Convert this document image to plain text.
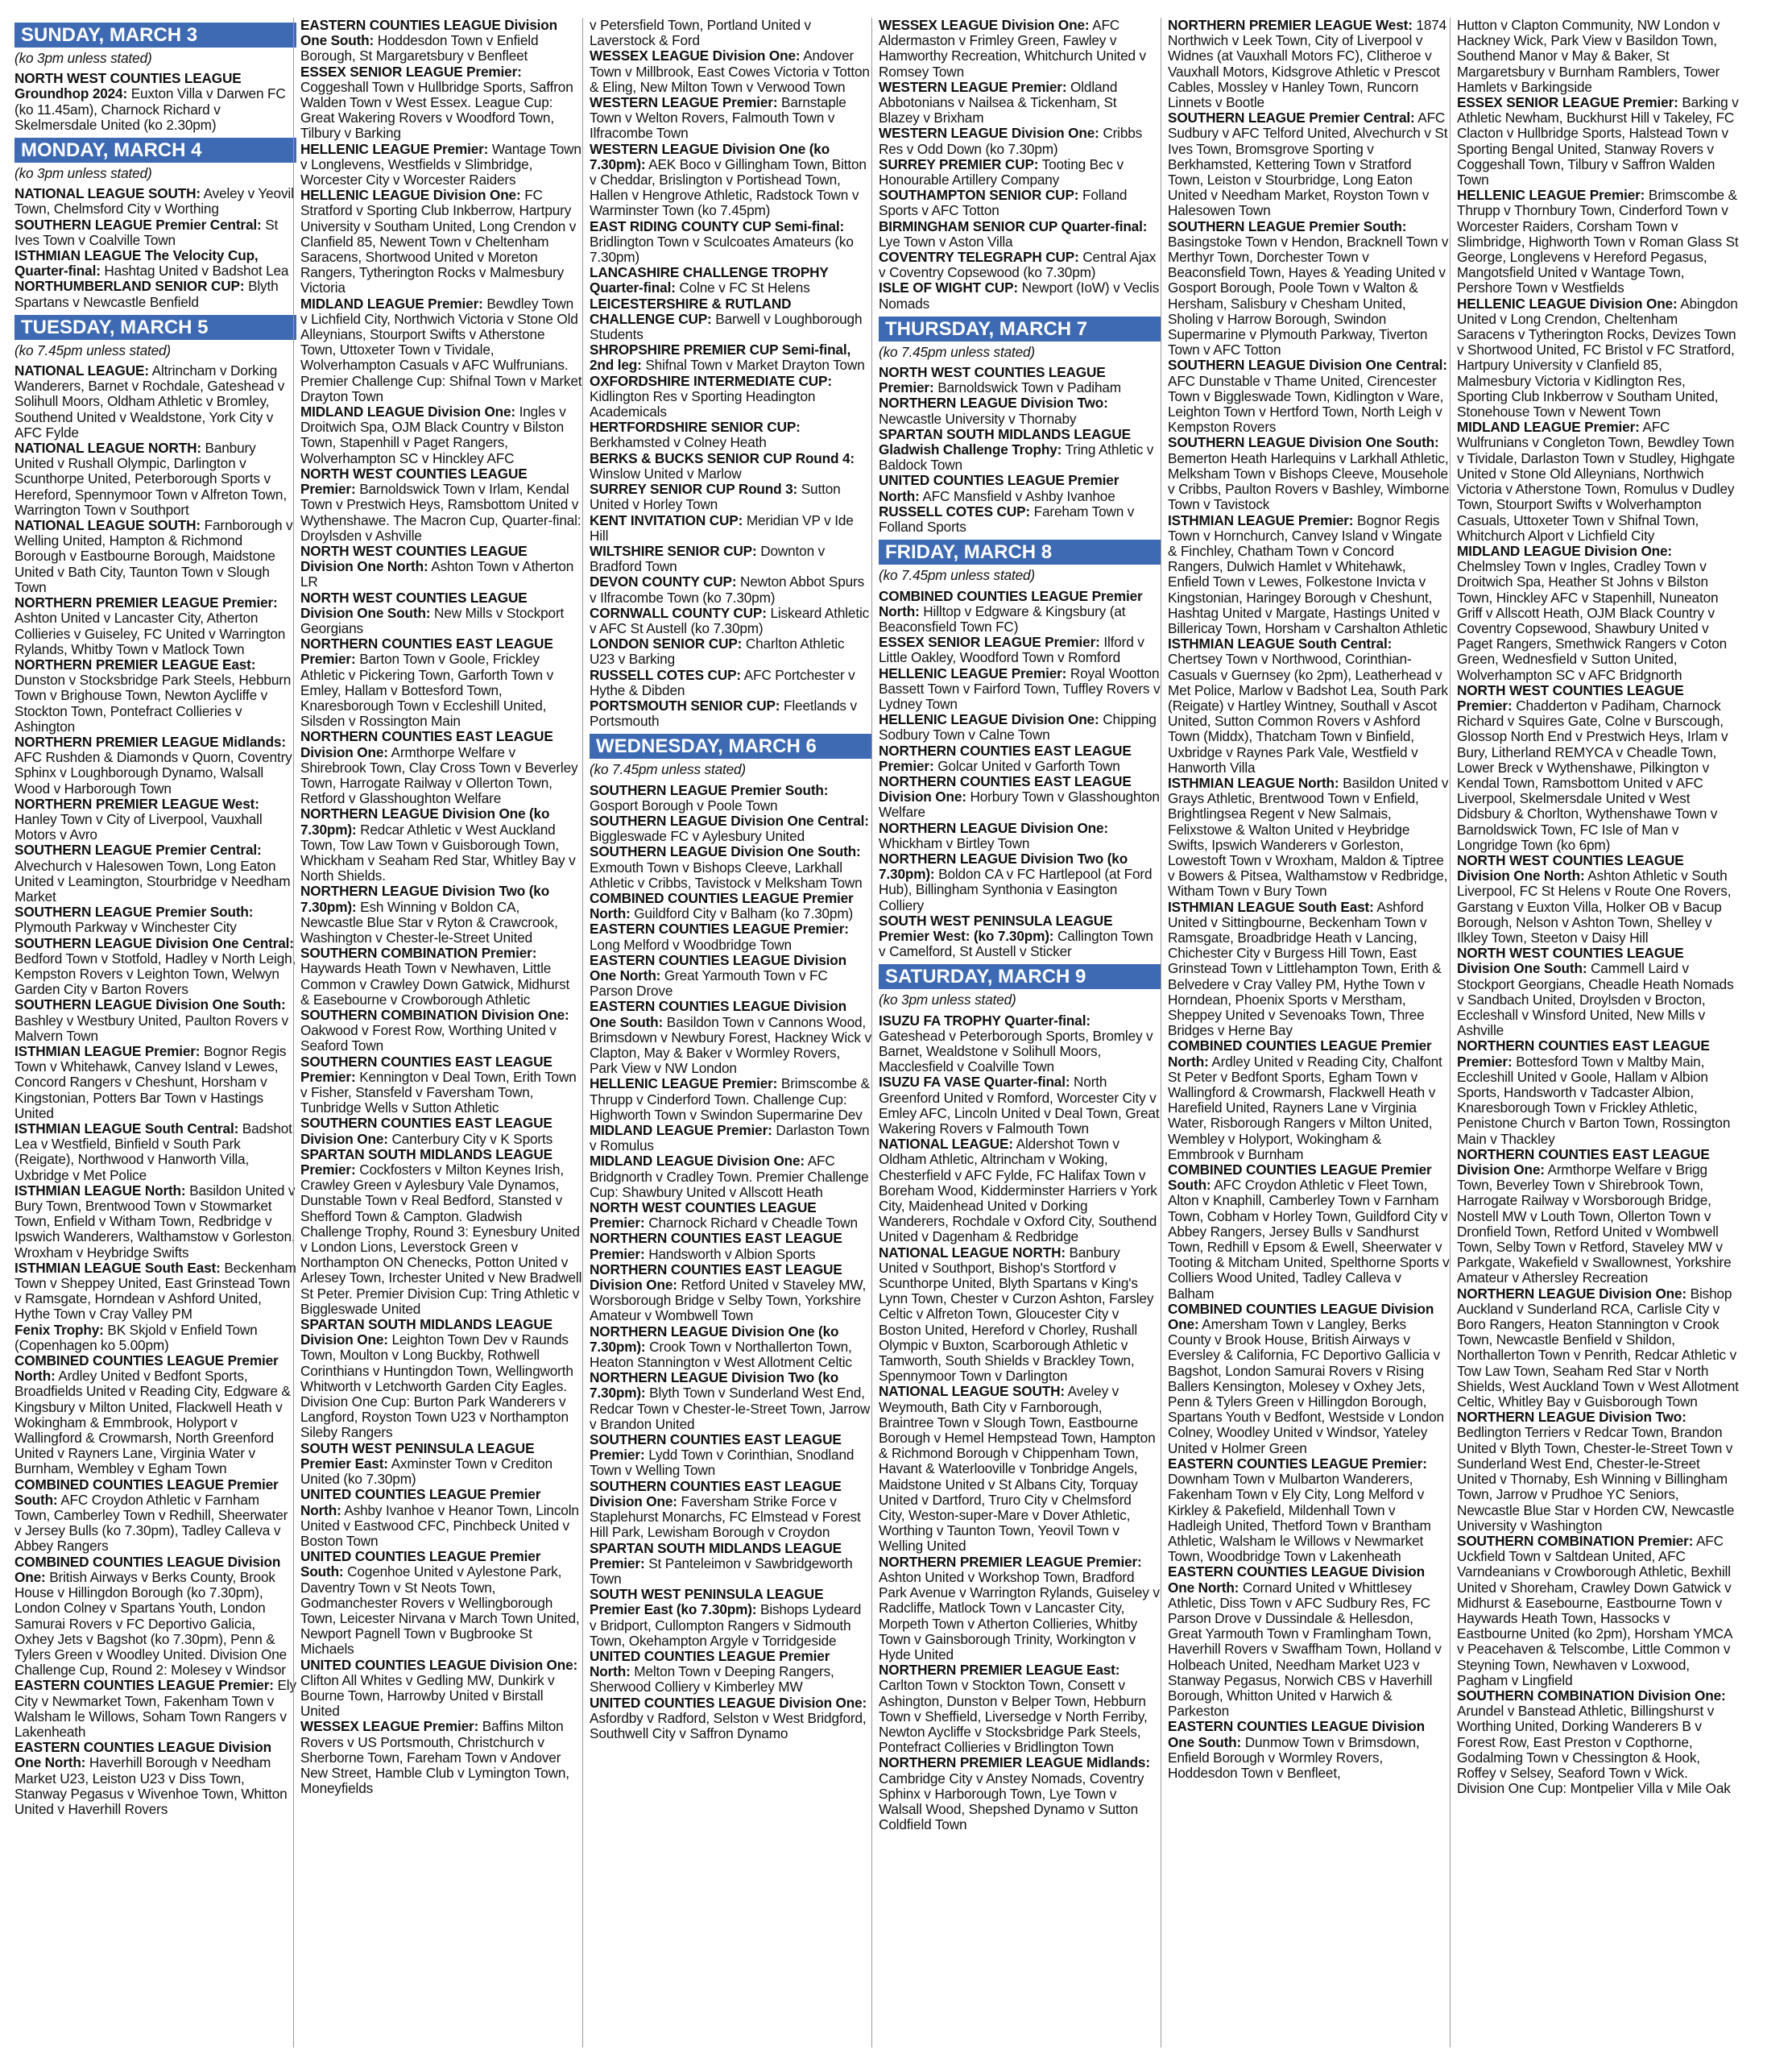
SUNDAY, MARCH 3
(ko 3pm unless stated)
NORTH WEST COUNTIES LEAGUE Groundhop 2024: Euxton Villa v Darwen FC (ko 11.45am), Charnock Richard v Skelmersdale United (ko 2.30pm)
MONDAY, MARCH 4
(ko 3pm unless stated)
NATIONAL LEAGUE SOUTH: Aveley v Yeovil Town, Chelmsford City v Worthing
SOUTHERN LEAGUE Premier Central: St Ives Town v Coalville Town
ISTHMIAN LEAGUE The Velocity Cup, Quarter-final: Hashtag United v Badshot Lea
NORTHUMBERLAND SENIOR CUP: Blyth Spartans v Newcastle Benfield
TUESDAY, MARCH 5
(ko 7.45pm unless stated)
NATIONAL LEAGUE: Altrincham v Dorking Wanderers, Barnet v Rochdale, Gateshead v Solihull Moors, Oldham Athletic v Bromley, Southend United v Wealdstone, York City v AFC Fylde
NATIONAL LEAGUE NORTH: Banbury United v Rushall Olympic, Darlington v Scunthorpe United, Peterborough Sports v Hereford, Spennymoor Town v Alfreton Town, Warrington Town v Southport
NATIONAL LEAGUE SOUTH: Farnborough v Welling United, Hampton & Richmond Borough v Eastbourne Borough, Maidstone United v Bath City, Taunton Town v Slough Town
NORTHERN PREMIER LEAGUE Premier: Ashton United v Lancaster City, Atherton Collieries v Guiseley, FC United v Warrington Rylands, Whitby Town v Matlock Town
NORTHERN PREMIER LEAGUE East: Dunston v Stocksbridge Park Steels, Hebburn Town v Brighouse Town, Newton Aycliffe v Stockton Town, Pontefract Collieries v Ashington
NORTHERN PREMIER LEAGUE Midlands: AFC Rushden & Diamonds v Quorn, Coventry Sphinx v Loughborough Dynamo, Walsall Wood v Harborough Town
NORTHERN PREMIER LEAGUE West: Hanley Town v City of Liverpool, Vauxhall Motors v Avro
SOUTHERN LEAGUE Premier Central: Alvechurch v Halesowen Town, Long Eaton United v Leamington, Stourbridge v Needham Market
SOUTHERN LEAGUE Premier South: Plymouth Parkway v Winchester City
SOUTHERN LEAGUE Division One Central: Bedford Town v Stotfold, Hadley v North Leigh, Kempston Rovers v Leighton Town, Welwyn Garden City v Barton Rovers
SOUTHERN LEAGUE Division One South: Bashley v Westbury United, Paulton Rovers v Malvern Town
ISTHMIAN LEAGUE Premier: Bognor Regis Town v Whitehawk, Canvey Island v Lewes, Concord Rangers v Cheshunt, Horsham v Kingstonian, Potters Bar Town v Hastings United
ISTHMIAN LEAGUE South Central: Badshot Lea v Westfield, Binfield v South Park (Reigate), Northwood v Hanworth Villa, Uxbridge v Met Police
ISTHMIAN LEAGUE North: Basildon United v Bury Town, Brentwood Town v Stowmarket Town, Enfield v Witham Town, Redbridge v Ipswich Wanderers, Walthamstow v Gorleston, Wroxham v Heybridge Swifts
ISTHMIAN LEAGUE South East: Beckenham Town v Sheppey United, East Grinstead Town v Ramsgate, Horndean v Ashford United, Hythe Town v Cray Valley PM
Fenix Trophy: BK Skjold v Enfield Town (Copenhagen ko 5.00pm)
COMBINED COUNTIES LEAGUE Premier North: Ardley United v Bedfont Sports, Broadfields United v Reading City, Edgware & Kingsbury v Milton United, Flackwell Heath v Wokingham & Emmbrook, Holyport v Wallingford & Crowmarsh, North Greenford United v Rayners Lane, Virginia Water v Burnham, Wembley v Egham Town
COMBINED COUNTIES LEAGUE Premier South: AFC Croydon Athletic v Farnham Town, Camberley Town v Redhill, Sheerwater v Jersey Bulls (ko 7.30pm), Tadley Calleva v Abbey Rangers
COMBINED COUNTIES LEAGUE Division One: British Airways v Berks County, Brook House v Hillingdon Borough (ko 7.30pm), London Colney v Spartans Youth, London Samurai Rovers v FC Deportivo Galicia, Oxhey Jets v Bagshot (ko 7.30pm), Penn & Tylers Green v Woodley United. Division One Challenge Cup, Round 2: Molesey v Windsor
EASTERN COUNTIES LEAGUE Premier: Ely City v Newmarket Town, Fakenham Town v Walsham le Willows, Soham Town Rangers v Lakenheath
EASTERN COUNTIES LEAGUE Division One North: Haverhill Borough v Needham Market U23, Leiston U23 v Diss Town, Stanway Pegasus v Wivenhoe Town, Whitton United v Haverhill Rovers
EASTERN COUNTIES LEAGUE Division One South: Hoddesdon Town v Enfield Borough, St Margaretsbury v Benfleet
ESSEX SENIOR LEAGUE Premier: Coggeshall Town v Hullbridge Sports, Saffron Walden Town v West Essex. League Cup: Great Wakering Rovers v Woodford Town, Tilbury v Barking
HELLENIC LEAGUE Premier: Wantage Town v Longlevens, Westfields v Slimbridge, Worcester City v Worcester Raiders
HELLENIC LEAGUE Division One: FC Stratford v Sporting Club Inkberrow, Hartpury University v Southam United, Long Crendon v Clanfield 85, Newent Town v Cheltenham Saracens, Shortwood United v Moreton Rangers, Tytherington Rocks v Malmesbury Victoria
MIDLAND LEAGUE Premier: Bewdley Town v Lichfield City, Northwich Victoria v Stone Old Alleynians, Stourport Swifts v Atherstone Town, Uttoxeter Town v Tividale, Wolverhampton Casuals v AFC Wulfrunians. Premier Challenge Cup: Shifnal Town v Market Drayton Town
MIDLAND LEAGUE Division One: Ingles v Droitwich Spa, OJM Black Country v Bilston Town, Stapenhill v Paget Rangers, Wolverhampton SC v Hinckley AFC
NORTH WEST COUNTIES LEAGUE Premier: Barnoldswick Town v Irlam, Kendal Town v Prestwich Heys, Ramsbottom United v Wythenshawe. The Macron Cup, Quarter-final: Droylsden v Ashville
NORTH WEST COUNTIES LEAGUE Division One North: Ashton Town v Atherton LR
NORTH WEST COUNTIES LEAGUE Division One South: New Mills v Stockport Georgians
NORTHERN COUNTIES EAST LEAGUE Premier: Barton Town v Goole, Frickley Athletic v Pickering Town, Garforth Town v Emley, Hallam v Bottesford Town, Knaresborough Town v Eccleshill United, Silsden v Rossington Main
NORTHERN COUNTIES EAST LEAGUE Division One: Armthorpe Welfare v Shirebrook Town, Clay Cross Town v Beverley Town, Harrogate Railway v Ollerton Town, Retford v Glasshoughton Welfare
NORTHERN LEAGUE Division One (ko 7.30pm): Redcar Athletic v West Auckland Town, Tow Law Town v Guisborough Town, Whickham v Seaham Red Star, Whitley Bay v North Shields.
NORTHERN LEAGUE Division Two (ko 7.30pm): Esh Winning v Boldon CA, Newcastle Blue Star v Ryton & Crawcrook, Washington v Chester-le-Street United
SOUTHERN COMBINATION Premier: Haywards Heath Town v Newhaven, Little Common v Crawley Down Gatwick, Midhurst & Easebourne v Crowborough Athletic
SOUTHERN COMBINATION Division One: Oakwood v Forest Row, Worthing United v Seaford Town
SOUTHERN COUNTIES EAST LEAGUE Premier: Kennington v Deal Town, Erith Town v Fisher, Stansfeld v Faversham Town, Tunbridge Wells v Sutton Athletic
SOUTHERN COUNTIES EAST LEAGUE Division One: Canterbury City v K Sports
SPARTAN SOUTH MIDLANDS LEAGUE Premier: Cockfosters v Milton Keynes Irish, Crawley Green v Aylesbury Vale Dynamos, Dunstable Town v Real Bedford, Stansted v Shefford Town & Campton. Gladwish Challenge Trophy, Round 3: Eynesbury United v London Lions, Leverstock Green v Northampton ON Chenecks, Potton United v Arlesey Town, Irchester United v New Bradwell St Peter. Premier Division Cup: Tring Athletic v Biggleswade United
SPARTAN SOUTH MIDLANDS LEAGUE Division One: Leighton Town Dev v Raunds Town, Moulton v Long Buckby, Rothwell Corinthians v Huntingdon Town, Wellingworth Whitworth v Letchworth Garden City Eagles. Division One Cup: Burton Park Wanderers v Langford, Royston Town U23 v Northampton Sileby Rangers
SOUTH WEST PENINSULA LEAGUE Premier East: Axminster Town v Crediton United (ko 7.30pm)
UNITED COUNTIES LEAGUE Premier North: Ashby Ivanhoe v Heanor Town, Lincoln United v Eastwood CFC, Pinchbeck United v Boston Town
UNITED COUNTIES LEAGUE Premier South: Cogenhoe United v Aylestone Park, Daventry Town v St Neots Town, Godmanchester Rovers v Wellingborough Town, Leicester Nirvana v March Town United, Newport Pagnell Town v Bugbrooke St Michaels
UNITED COUNTIES LEAGUE Division One: Clifton All Whites v Gedling MW, Dunkirk v Bourne Town, Harrowby United v Birstall United
WESSEX LEAGUE Premier: Baffins Milton Rovers v US Portsmouth, Christchurch v Sherborne Town, Fareham Town v Andover New Street, Hamble Club v Lymington Town, Moneyfields
v Petersfield Town, Portland United v Laverstock & Ford
WESSEX LEAGUE Division One: Andover Town v Millbrook, East Cowes Victoria v Totton & Eling, New Milton Town v Verwood Town
WESTERN LEAGUE Premier: Barnstaple Town v Welton Rovers, Falmouth Town v Ilfracombe Town
WESTERN LEAGUE Division One (ko 7.30pm): AEK Boco v Gillingham Town, Bitton v Cheddar, Brislington v Portishead Town, Hallen v Hengrove Athletic, Radstock Town v Warminster Town (ko 7.45pm)
EAST RIDING COUNTY CUP Semi-final: Bridlington Town v Sculcoates Amateurs (ko 7.30pm)
LANCASHIRE CHALLENGE TROPHY Quarter-final: Colne v FC St Helens
LEICESTERSHIRE & RUTLAND CHALLENGE CUP: Barwell v Loughborough Students
SHROPSHIRE PREMIER CUP Semi-final, 2nd leg: Shifnal Town v Market Drayton Town
OXFORDSHIRE INTERMEDIATE CUP: Kidlington Res v Sporting Headington Academicals
HERTFORDSHIRE SENIOR CUP: Berkhamsted v Colney Heath
BERKS & BUCKS SENIOR CUP Round 4: Winslow United v Marlow
SURREY SENIOR CUP Round 3: Sutton United v Horley Town
KENT INVITATION CUP: Meridian VP v Ide Hill
WILTSHIRE SENIOR CUP: Downton v Bradford Town
DEVON COUNTY CUP: Newton Abbot Spurs v Ilfracombe Town (ko 7.30pm)
CORNWALL COUNTY CUP: Liskeard Athletic v AFC St Austell (ko 7.30pm)
LONDON SENIOR CUP: Charlton Athletic U23 v Barking
RUSSELL COTES CUP: AFC Portchester v Hythe & Dibden
PORTSMOUTH SENIOR CUP: Fleetlands v Portsmouth
WEDNESDAY, MARCH 6
(ko 7.45pm unless stated)
SOUTHERN LEAGUE Premier South: Gosport Borough v Poole Town
SOUTHERN LEAGUE Division One Central: Biggleswade FC v Aylesbury United
SOUTHERN LEAGUE Division One South: Exmouth Town v Bishops Cleeve, Larkhall Athletic v Cribbs, Tavistock v Melksham Town
COMBINED COUNTIES LEAGUE Premier North: Guildford City v Balham (ko 7.30pm)
EASTERN COUNTIES LEAGUE Premier: Long Melford v Woodbridge Town
EASTERN COUNTIES LEAGUE Division One North: Great Yarmouth Town v FC Parson Drove
EASTERN COUNTIES LEAGUE Division One South: Basildon Town v Cannons Wood, Brimsdown v Newbury Forest, Hackney Wick v Clapton, May & Baker v Wormley Rovers, Park View v NW London
HELLENIC LEAGUE Premier: Brimscombe & Thrupp v Cinderford Town. Challenge Cup: Highworth Town v Swindon Supermarine Dev
MIDLAND LEAGUE Premier: Darlaston Town v Romulus
MIDLAND LEAGUE Division One: AFC Bridgnorth v Cradley Town. Premier Challenge Cup: Shawbury United v Allscott Heath
NORTH WEST COUNTIES LEAGUE Premier: Charnock Richard v Cheadle Town
NORTHERN COUNTIES EAST LEAGUE Premier: Handsworth v Albion Sports
NORTHERN COUNTIES EAST LEAGUE Division One: Retford United v Staveley MW, Worsborough Bridge v Selby Town, Yorkshire Amateur v Wombwell Town
NORTHERN LEAGUE Division One (ko 7.30pm): Crook Town v Northallerton Town, Heaton Stannington v West Allotment Celtic
NORTHERN LEAGUE Division Two (ko 7.30pm): Blyth Town v Sunderland West End, Redcar Town v Chester-le-Street Town, Jarrow v Brandon United
SOUTHERN COUNTIES EAST LEAGUE Premier: Lydd Town v Corinthian, Snodland Town v Welling Town
SOUTHERN COUNTIES EAST LEAGUE Division One: Faversham Strike Force v Staplehurst Monarchs, FC Elmstead v Forest Hill Park, Lewisham Borough v Croydon
SPARTAN SOUTH MIDLANDS LEAGUE Premier: St Panteleimon v Sawbridgeworth Town
SOUTH WEST PENINSULA LEAGUE Premier East (ko 7.30pm): Bishops Lydeard v Bridport, Cullompton Rangers v Sidmouth Town, Okehampton Argyle v Torridgeside
UNITED COUNTIES LEAGUE Premier North: Melton Town v Deeping Rangers, Sherwood Colliery v Kimberley MW
UNITED COUNTIES LEAGUE Division One: Asfordby v Radford, Selston v West Bridgford, Southwell City v Saffron Dynamo
WESSEX LEAGUE Division One: AFC Aldermaston v Frimley Green, Fawley v Hamworthy Recreation, Whitchurch United v Romsey Town
WESTERN LEAGUE Premier: Oldland Abbotonians v Nailsea & Tickenham, St Blazey v Brixham
WESTERN LEAGUE Division One: Cribbs Res v Odd Down (ko 7.30pm)
SURREY PREMIER CUP: Tooting Bec v Honourable Artillery Company
SOUTHAMPTON SENIOR CUP: Folland Sports v AFC Totton
BIRMINGHAM SENIOR CUP Quarter-final: Lye Town v Aston Villa
COVENTRY TELEGRAPH CUP: Central Ajax v Coventry Copsewood (ko 7.30pm)
ISLE OF WIGHT CUP: Newport (IoW) v Veclis Nomads
THURSDAY, MARCH 7
(ko 7.45pm unless stated)
NORTH WEST COUNTIES LEAGUE Premier: Barnoldswick Town v Padiham
NORTHERN LEAGUE Division Two: Newcastle University v Thornaby
SPARTAN SOUTH MIDLANDS LEAGUE Gladwish Challenge Trophy: Tring Athletic v Baldock Town
UNITED COUNTIES LEAGUE Premier North: AFC Mansfield v Ashby Ivanhoe
RUSSELL COTES CUP: Fareham Town v Folland Sports
FRIDAY, MARCH 8
(ko 7.45pm unless stated)
COMBINED COUNTIES LEAGUE Premier North: Hilltop v Edgware & Kingsbury (at Beaconsfield Town FC)
ESSEX SENIOR LEAGUE Premier: Ilford v Little Oakley, Woodford Town v Romford
HELLENIC LEAGUE Premier: Royal Wootton Bassett Town v Fairford Town, Tuffley Rovers v Lydney Town
HELLENIC LEAGUE Division One: Chipping Sodbury Town v Calne Town
NORTHERN COUNTIES EAST LEAGUE Premier: Golcar United v Garforth Town
NORTHERN COUNTIES EAST LEAGUE Division One: Horbury Town v Glasshoughton Welfare
NORTHERN LEAGUE Division One: Whickham v Birtley Town
NORTHERN LEAGUE Division Two (ko 7.30pm): Boldon CA v FC Hartlepool (at Ford Hub), Billingham Synthonia v Easington Colliery
SOUTH WEST PENINSULA LEAGUE Premier West: (ko 7.30pm): Callington Town v Camelford, St Austell v Sticker
SATURDAY, MARCH 9
(ko 3pm unless stated)
ISUZU FA TROPHY Quarter-final: Gateshead v Peterborough Sports, Bromley v Barnet, Wealdstone v Solihull Moors, Macclesfield v Coalville Town
ISUZU FA VASE Quarter-final: North Greenford United v Romford, Worcester City v Emley AFC, Lincoln United v Deal Town, Great Wakering Rovers v Falmouth Town
NATIONAL LEAGUE: Aldershot Town v Oldham Athletic, Altrincham v Woking, Chesterfield v AFC Fylde, FC Halifax Town v Boreham Wood, Kidderminster Harriers v York City, Maidenhead United v Dorking Wanderers, Rochdale v Oxford City, Southend United v Dagenham & Redbridge
NATIONAL LEAGUE NORTH: Banbury United v Southport, Bishop's Stortford v Scunthorpe United, Blyth Spartans v King's Lynn Town, Chester v Curzon Ashton, Farsley Celtic v Alfreton Town, Gloucester City v Boston United, Hereford v Chorley, Rushall Olympic v Buxton, Scarborough Athletic v Tamworth, South Shields v Brackley Town, Spennymoor Town v Darlington
NATIONAL LEAGUE SOUTH: Aveley v Weymouth, Bath City v Farnborough, Braintree Town v Slough Town, Eastbourne Borough v Hemel Hempstead Town, Hampton & Richmond Borough v Chippenham Town, Havant & Waterlooville v Tonbridge Angels, Maidstone United v St Albans City, Torquay United v Dartford, Truro City v Chelmsford City, Weston-super-Mare v Dover Athletic, Worthing v Taunton Town, Yeovil Town v Welling United
NORTHERN PREMIER LEAGUE Premier: Ashton United v Workshop Town, Bradford Park Avenue v Warrington Rylands, Guiseley v Radcliffe, Matlock Town v Lancaster City, Morpeth Town v Atherton Collieries, Whitby Town v Gainsborough Trinity, Workington v Hyde United
NORTHERN PREMIER LEAGUE East: Carlton Town v Stockton Town, Consett v Ashington, Dunston v Belper Town, Hebburn Town v Sheffield, Liversedge v North Ferriby, Newton Aycliffe v Stocksbridge Park Steels, Pontefract Collieries v Bridlington Town
NORTHERN PREMIER LEAGUE Midlands: Cambridge City v Anstey Nomads, Coventry Sphinx v Harborough Town, Lye Town v Walsall Wood, Shepshed Dynamo v Sutton Coldfield Town
NORTHERN PREMIER LEAGUE West: 1874 Northwich v Leek Town, City of Liverpool v Widnes (at Vauxhall Motors FC), Clitheroe v Vauxhall Motors, Kidsgrove Athletic v Prescot Cables, Mossley v Hanley Town, Runcorn Linnets v Bootle
SOUTHERN LEAGUE Premier Central: AFC Sudbury v AFC Telford United, Alvechurch v St Ives Town, Bromsgrove Sporting v Berkhamsted, Kettering Town v Stratford Town, Leiston v Stourbridge, Long Eaton United v Needham Market, Royston Town v Halesowen Town
SOUTHERN LEAGUE Premier South: Basingstoke Town v Hendon, Bracknell Town v Merthyr Town, Dorchester Town v Beaconsfield Town, Hayes & Yeading United v Gosport Borough, Poole Town v Walton & Hersham, Salisbury v Chesham United, Sholing v Harrow Borough, Swindon Supermarine v Plymouth Parkway, Tiverton Town v AFC Totton
SOUTHERN LEAGUE Division One Central: AFC Dunstable v Thame United, Cirencester Town v Biggleswade Town, Kidlington v Ware, Leighton Town v Hertford Town, North Leigh v Kempston Rovers
SOUTHERN LEAGUE Division One South: Bemerton Heath Harlequins v Larkhall Athletic, Melksham Town v Bishops Cleeve, Mousehole v Cribbs, Paulton Rovers v Bashley, Wimborne Town v Tavistock
ISTHMIAN LEAGUE Premier: Bognor Regis Town v Hornchurch, Canvey Island v Wingate & Finchley, Chatham Town v Concord Rangers, Dulwich Hamlet v Whitehawk, Enfield Town v Lewes, Folkestone Invicta v Kingstonian, Haringey Borough v Cheshunt, Hashtag United v Margate, Hastings United v Billericay Town, Horsham v Carshalton Athletic
ISTHMIAN LEAGUE South Central: Chertsey Town v Northwood, Corinthian-Casuals v Guernsey (ko 2pm), Leatherhead v Met Police, Marlow v Badshot Lea, South Park (Reigate) v Hartley Wintney, Southall v Ascot United, Sutton Common Rovers v Ashford Town (Middx), Thatcham Town v Binfield, Uxbridge v Raynes Park Vale, Westfield v Hanworth Villa
ISTHMIAN LEAGUE North: Basildon United v Grays Athletic, Brentwood Town v Enfield, Brightlingsea Regent v New Salmais, Felixstowe & Walton United v Heybridge Swifts, Ipswich Wanderers v Gorleston, Lowestoft Town v Wroxham, Maldon & Tiptree v Bowers & Pitsea, Walthamstow v Redbridge, Witham Town v Bury Town
ISTHMIAN LEAGUE South East: Ashford United v Sittingbourne, Beckenham Town v Ramsgate, Broadbridge Heath v Lancing, Chichester City v Burgess Hill Town, East Grinstead Town v Littlehampton Town, Erith & Belvedere v Cray Valley PM, Hythe Town v Horndean, Phoenix Sports v Merstham, Sheppey United v Sevenoaks Town, Three Bridges v Herne Bay
COMBINED COUNTIES LEAGUE Premier North: Ardley United v Reading City, Chalfont St Peter v Bedfont Sports, Egham Town v Wallingford & Crowmarsh, Flackwell Heath v Harefield United, Rayners Lane v Virginia Water, Risborough Rangers v Milton United, Wembley v Holyport, Wokingham & Emmbrook v Burnham
COMBINED COUNTIES LEAGUE Premier South: AFC Croydon Athletic v Fleet Town, Alton v Knaphill, Camberley Town v Farnham Town, Cobham v Horley Town, Guildford City v Abbey Rangers, Jersey Bulls v Sandhurst Town, Redhill v Epsom & Ewell, Sheerwater v Tooting & Mitcham United, Spelthorne Sports v Colliers Wood United, Tadley Calleva v Balham
COMBINED COUNTIES LEAGUE Division One: Amersham Town v Langley, Berks County v Brook House, British Airways v Eversley & California, FC Deportivo Gallicia v Bagshot, London Samurai Rovers v Rising Ballers Kensington, Molesey v Oxhey Jets, Penn & Tylers Green v Hillingdon Borough, Spartans Youth v Bedfont, Westside v London Colney, Woodley United v Windsor, Yateley United v Holmer Green
EASTERN COUNTIES LEAGUE Premier: Downham Town v Mulbarton Wanderers, Fakenham Town v Ely City, Long Melford v Kirkley & Pakefield, Mildenhall Town v Hadleigh United, Thetford Town v Brantham Athletic, Walsham le Willows v Newmarket Town, Woodbridge Town v Lakenheath
EASTERN COUNTIES LEAGUE Division One North: Cornard United v Whittlesey Athletic, Diss Town v AFC Sudbury Res, FC Parson Drove v Dussindale & Hellesdon, Great Yarmouth Town v Framlingham Town, Haverhill Rovers v Swaffham Town, Holland v Holbeach United, Needham Market U23 v Stanway Pegasus, Norwich CBS v Haverhill Borough, Whitton United v Harwich & Parkeston
EASTERN COUNTIES LEAGUE Division One South: Dunmow Town v Brimsdown, Enfield Borough v Wormley Rovers, Hoddesdon Town v Benfleet,
Hutton v Clapton Community, NW London v Hackney Wick, Park View v Basildon Town, Southend Manor v May & Baker, St Margaretsbury v Burnham Ramblers, Tower Hamlets v Barkingside
ESSEX SENIOR LEAGUE Premier: Barking v Athletic Newham, Buckhurst Hill v Takeley, FC Clacton v Hullbridge Sports, Halstead Town v Sporting Bengal United, Stanway Rovers v Coggeshall Town, Tilbury v Saffron Walden Town
HELLENIC LEAGUE Premier: Brimscombe & Thrupp v Thornbury Town, Cinderford Town v Worcester Raiders, Corsham Town v Slimbridge, Highworth Town v Roman Glass St George, Longlevens v Hereford Pegasus, Mangotsfield United v Wantage Town, Pershore Town v Westfields
HELLENIC LEAGUE Division One: Abingdon United v Long Crendon, Cheltenham Saracens v Tytherington Rocks, Devizes Town v Shortwood United, FC Bristol v FC Stratford, Hartpury University v Clanfield 85, Malmesbury Victoria v Kidlington Res, Sporting Club Inkberrow v Southam United, Stonehouse Town v Newent Town
MIDLAND LEAGUE Premier: AFC Wulfrunians v Congleton Town, Bewdley Town v Tividale, Darlaston Town v Studley, Highgate United v Stone Old Alleynians, Northwich Victoria v Atherstone Town, Romulus v Dudley Town, Stourport Swifts v Wolverhampton Casuals, Uttoxeter Town v Shifnal Town, Whitchurch Alport v Lichfield City
MIDLAND LEAGUE Division One: Chelmsley Town v Ingles, Cradley Town v Droitwich Spa, Heather St Johns v Bilston Town, Hinckley AFC v Stapenhill, Nuneaton Griff v Allscott Heath, OJM Black Country v Coventry Copsewood, Shawbury United v Paget Rangers, Smethwick Rangers v Coton Green, Wednesfield v Sutton United, Wolverhampton SC v AFC Bridgnorth
NORTH WEST COUNTIES LEAGUE Premier: Chadderton v Padiham, Charnock Richard v Squires Gate, Colne v Burscough, Glossop North End v Prestwich Heys, Irlam v Bury, Litherland REMYCA v Cheadle Town, Lower Breck v Wythenshawe, Pilkington v Kendal Town, Ramsbottom United v AFC Liverpool, Skelmersdale United v West Didsbury & Chorlton, Wythenshawe Town v Barnoldswick Town, FC Isle of Man v Longridge Town (ko 6pm)
NORTH WEST COUNTIES LEAGUE Division One North: Ashton Athletic v South Liverpool, FC St Helens v Route One Rovers, Garstang v Euxton Villa, Holker OB v Bacup Borough, Nelson v Ashton Town, Shelley v Ilkley Town, Steeton v Daisy Hill
NORTH WEST COUNTIES LEAGUE Division One South: Cammell Laird v Stockport Georgians, Cheadle Heath Nomads v Sandbach United, Droylsden v Brocton, Eccleshall v Winsford United, New Mills v Ashville
NORTHERN COUNTIES EAST LEAGUE Premier: Bottesford Town v Maltby Main, Eccleshill United v Goole, Hallam v Albion Sports, Handsworth v Tadcaster Albion, Knaresborough Town v Frickley Athletic, Penistone Church v Barton Town, Rossington Main v Thackley
NORTHERN COUNTIES EAST LEAGUE Division One: Armthorpe Welfare v Brigg Town, Beverley Town v Shirebrook Town, Harrogate Railway v Worsborough Bridge, Nostell MW v Louth Town, Ollerton Town v Dronfield Town, Retford United v Wombwell Town, Selby Town v Retford, Staveley MW v Parkgate, Wakefield v Swallownest, Yorkshire Amateur v Athersley Recreation
NORTHERN LEAGUE Division One: Bishop Auckland v Sunderland RCA, Carlisle City v Boro Rangers, Heaton Stannington v Crook Town, Newcastle Benfield v Shildon, Northallerton Town v Penrith, Redcar Athletic v Tow Law Town, Seaham Red Star v North Shields, West Auckland Town v West Allotment Celtic, Whitley Bay v Guisborough Town
NORTHERN LEAGUE Division Two: Bedlington Terriers v Redcar Town, Brandon United v Blyth Town, Chester-le-Street Town v Sunderland West End, Chester-le-Street United v Thornaby, Esh Winning v Billingham Town, Jarrow v Prudhoe YC Seniors, Newcastle Blue Star v Horden CW, Newcastle University v Washington
SOUTHERN COMBINATION Premier: AFC Uckfield Town v Saltdean United, AFC Varndeanians v Crowborough Athletic, Bexhill United v Shoreham, Crawley Down Gatwick v Midhurst & Easebourne, Eastbourne Town v Haywards Heath Town, Hassocks v Eastbourne United (ko 2pm), Horsham YMCA v Peacehaven & Telscombe, Little Common v Steyning Town, Newhaven v Loxwood, Pagham v Lingfield
SOUTHERN COMBINATION Division One: Arundel v Banstead Athletic, Billingshurst v Worthing United, Dorking Wanderers B v Forest Row, East Preston v Copthorne, Godalming Town v Chessington & Hook, Roffey v Selsey, Seaford Town v Wick. Division One Cup: Montpelier Villa v Mile Oak
